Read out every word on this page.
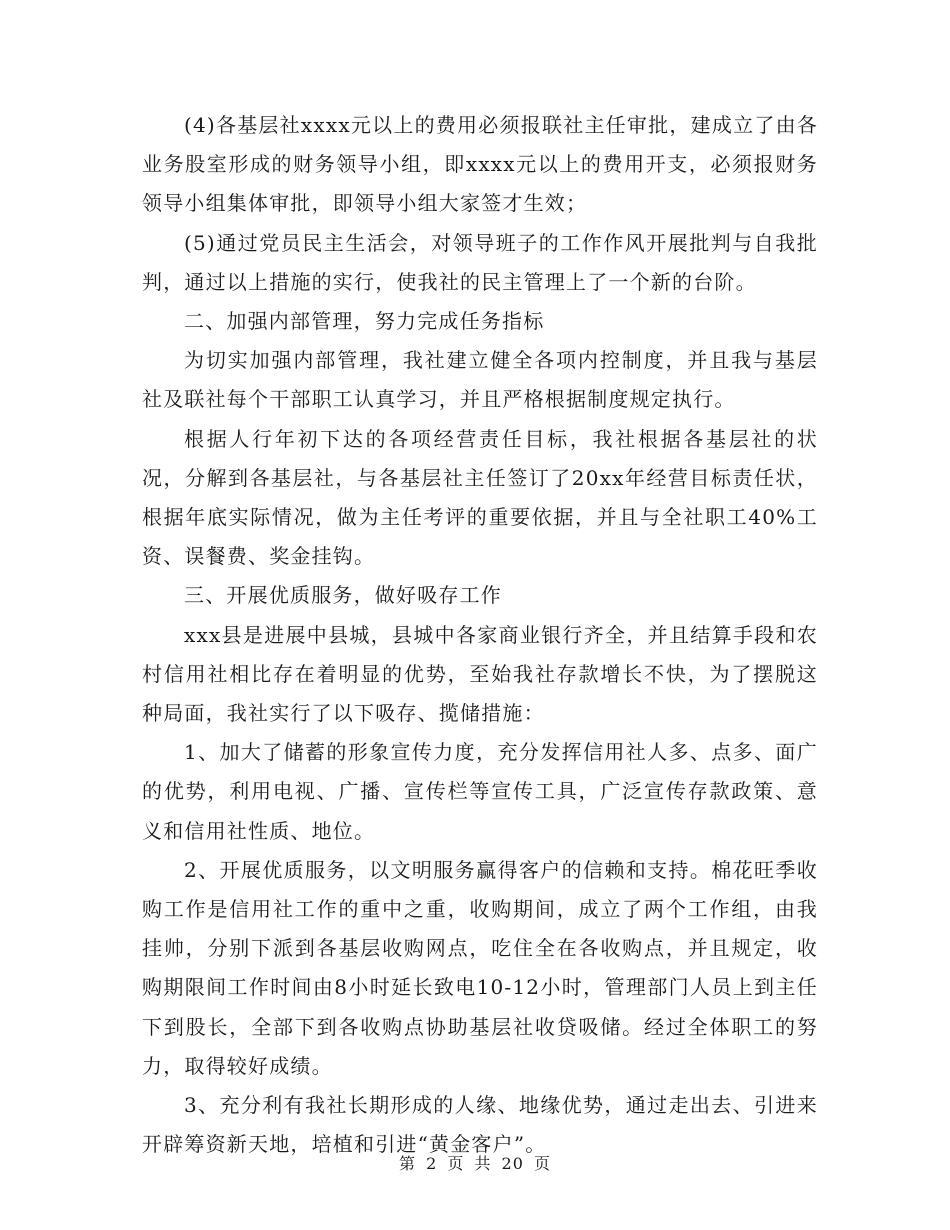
(4)各基层社xxxx元以上的费用必须报联社主任审批，建成立了由各业务股室形成的财务领导小组，即xxxx元以上的费用开支，必须报财务领导小组集体审批，即领导小组大家签才生效；

(5)通过党员民主生活会，对领导班子的工作作风开展批判与自我批判，通过以上措施的实行，使我社的民主管理上了一个新的台阶。

二、加强内部管理，努力完成任务指标

为切实加强内部管理，我社建立健全各项内控制度，并且我与基层社及联社每个干部职工认真学习，并且严格根据制度规定执行。

根据人行年初下达的各项经营责任目标，我社根据各基层社的状况，分解到各基层社，与各基层社主任签订了20xx年经营目标责任状，根据年底实际情况，做为主任考评的重要依据，并且与全社职工40%工资、误餐费、奖金挂钩。

三、开展优质服务，做好吸存工作

xxx县是进展中县城，县城中各家商业银行齐全，并且结算手段和农村信用社相比存在着明显的优势，至始我社存款增长不快，为了摆脱这种局面，我社实行了以下吸存、揽储措施：

1、加大了储蓄的形象宣传力度，充分发挥信用社人多、点多、面广的优势，利用电视、广播、宣传栏等宣传工具，广泛宣传存款政策、意义和信用社性质、地位。

2、开展优质服务，以文明服务赢得客户的信赖和支持。棉花旺季收购工作是信用社工作的重中之重，收购期间，成立了两个工作组，由我挂帅，分别下派到各基层收购网点，吃住全在各收购点，并且规定，收购期限间工作时间由8小时延长致电10-12小时，管理部门人员上到主任下到股长，全部下到各收购点协助基层社收贷吸储。经过全体职工的努力，取得较好成绩。

3、充分利有我社长期形成的人缘、地缘优势，通过走出去、引进来开辟筹资新天地，培植和引进“黄金客户”。

第 2 页 共 20 页
